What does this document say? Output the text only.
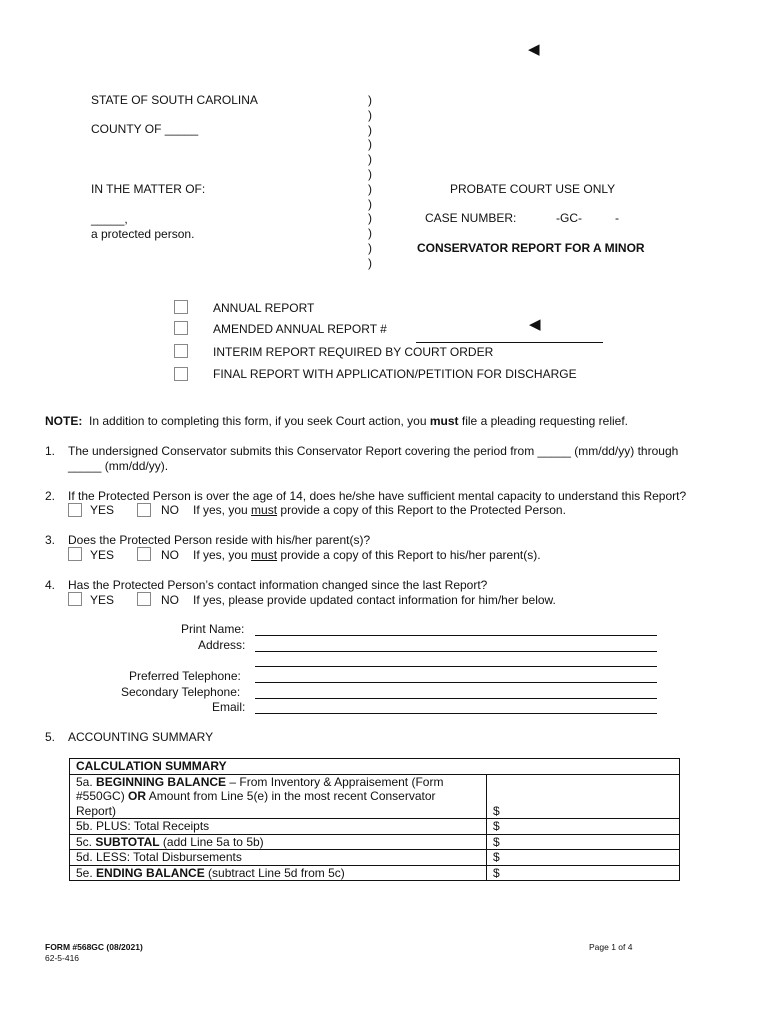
◀
STATE OF SOUTH CAROLINA
COUNTY OF _____
IN THE MATTER OF:
_____,
a protected person.
)
)
)
)
)
)
)
)
)
)
)
)
PROBATE COURT USE ONLY
CASE NUMBER:	-GC-	-
CONSERVATOR REPORT FOR A MINOR
ANNUAL REPORT
AMENDED ANNUAL REPORT #	◀
INTERIM REPORT REQUIRED BY COURT ORDER
FINAL REPORT WITH APPLICATION/PETITION FOR DISCHARGE
NOTE: In addition to completing this form, if you seek Court action, you must file a pleading requesting relief.
1. The undersigned Conservator submits this Conservator Report covering the period from _____ (mm/dd/yy) through
_____ (mm/dd/yy).
2. If the Protected Person is over the age of 14, does he/she have sufficient mental capacity to understand this Report?
YES	NO If yes, you must provide a copy of this Report to the Protected Person.
3. Does the Protected Person reside with his/her parent(s)?
YES	NO If yes, you must provide a copy of this Report to his/her parent(s).
4. Has the Protected Person’s contact information changed since the last Report?
YES	NO If yes, please provide updated contact information for him/her below.
Print Name:
Address:
Preferred Telephone:
Secondary Telephone:
Email:
5. ACCOUNTING SUMMARY
CALCULATION SUMMARY	
5a. BEGINNING BALANCE – From Inventory & Appraisement (Form
#550GC) OR Amount from Line 5(e) in the most recent Conservator
Report)	$
5b. PLUS: Total Receipts	$
5c. SUBTOTAL (add Line 5a to 5b)	$
5d. LESS: Total Disbursements	$
5e. ENDING BALANCE (subtract Line 5d from 5c)	$
FORM #568GC (08/2021)
62-5-416
Page 1 of 4
